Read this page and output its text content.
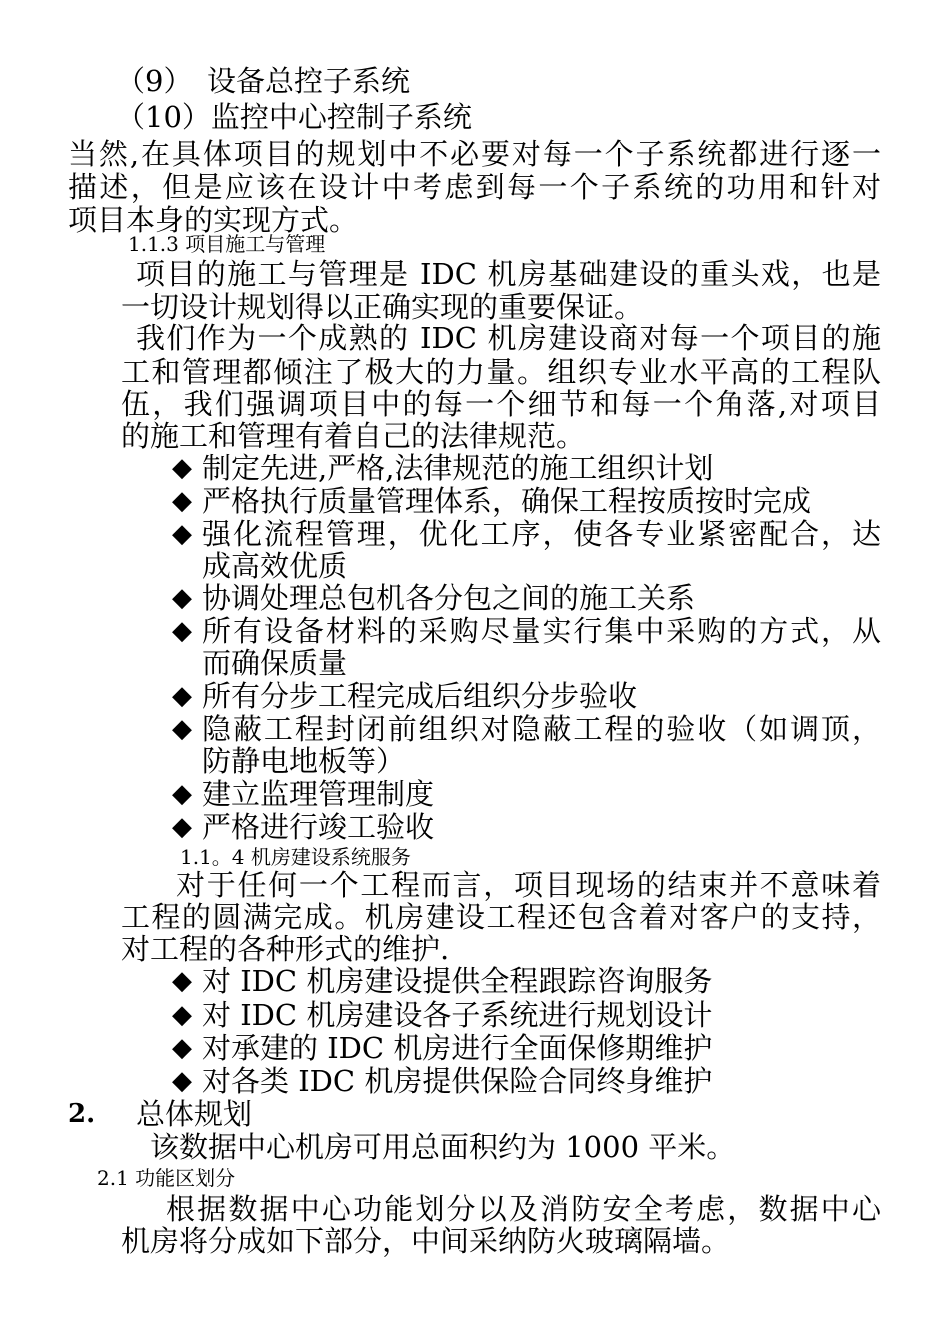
（9）　设备总控子系统
（10）监控中心控制子系统
当然,在具体项目的规划中不必要对每一个子系统都进行逐一
描述，但是应该在设计中考虑到每一个子系统的功用和针对
项目本身的实现方式。
1.1.3 项目施工与管理
项目的施工与管理是 IDC 机房基础建设的重头戏，也是
一切设计规划得以正确实现的重要保证。
我们作为一个成熟的 IDC 机房建设商对每一个项目的施
工和管理都倾注了极大的力量。组织专业水平高的工程队
伍，我们强调项目中的每一个细节和每一个角落,对项目
的施工和管理有着自己的法律规范。
◆ 制定先进,严格,法律规范的施工组织计划
◆ 严格执行质量管理体系，确保工程按质按时完成
◆ 强化流程管理，优化工序，使各专业紧密配合，达
成高效优质
◆ 协调处理总包机各分包之间的施工关系
◆ 所有设备材料的采购尽量实行集中采购的方式，从
而确保质量
◆ 所有分步工程完成后组织分步验收
◆ 隐蔽工程封闭前组织对隐蔽工程的验收（如调顶，
防静电地板等）
◆ 建立监理管理制度
◆ 严格进行竣工验收
1.1。4 机房建设系统服务
对于任何一个工程而言，项目现场的结束并不意味着
工程的圆满完成。机房建设工程还包含着对客户的支持，
对工程的各种形式的维护.
◆ 对 IDC 机房建设提供全程跟踪咨询服务
◆ 对 IDC 机房建设各子系统进行规划设计
◆ 对承建的 IDC 机房进行全面保修期维护
◆ 对各类 IDC 机房提供保险合同终身维护
2. 总体规划
该数据中心机房可用总面积约为 1000 平米。
2.1 功能区划分
根据数据中心功能划分以及消防安全考虑，数据中心
机房将分成如下部分，中间采纳防火玻璃隔墙。
